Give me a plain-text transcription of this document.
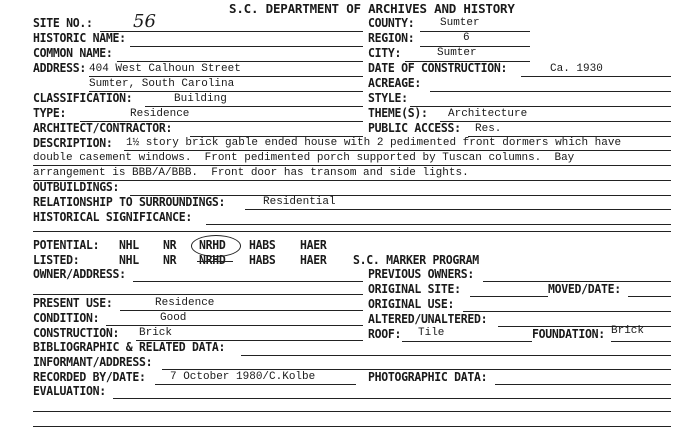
S.C. DEPARTMENT OF ARCHIVES AND HISTORY
SITE NO.: 56	COUNTY: Sumter
HISTORIC NAME:	REGION:	6
COMMON NAME:	CITY:	Sumter
ADDRESS: 404 West Calhoun Street	DATE OF CONSTRUCTION:	Ca. 1930
Sumter, South Carolina	ACREAGE:
CLASSIFICATION:	Building	STYLE:
TYPE:	Residence	THEME(S): Architecture
ARCHITECT/CONTRACTOR:	PUBLIC ACCESS: Res.
DESCRIPTION: 1½ story brick gable ended house with 2 pedimented front dormers which have
double casement windows.  Front pedimented porch supported by Tuscan columns.  Bay
arrangement is BBB/A/BBB.  Front door has transom and side lights.
OUTBUILDINGS:
RELATIONSHIP TO SURROUNDINGS:	Residential
HISTORICAL SIGNIFICANCE:
POTENTIAL: NHL NR NRHD HABS HAER
LISTED:	NHL NR NRHD HABS HAER S.C. MARKER PROGRAM
OWNER/ADDRESS:	PREVIOUS OWNERS:
ORIGINAL SITE:	MOVED/DATE:
PRESENT USE:	Residence	ORIGINAL USE:
CONDITION:	Good	ALTERED/UNALTERED:
CONSTRUCTION: Brick	ROOF: Tile	FOUNDATION: Brick
BIBLIOGRAPHIC & RELATED DATA:
INFORMANT/ADDRESS:
RECORDED BY/DATE: 7 October 1980/C.Kolbe	PHOTOGRAPHIC DATA:
EVALUATION:
